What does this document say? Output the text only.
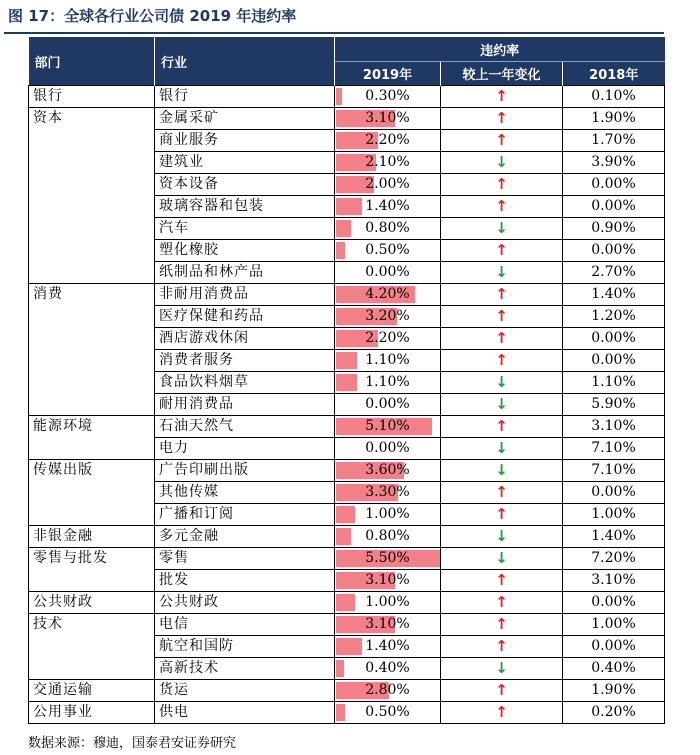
图 17：全球各行业公司债 2019 年违约率
部门	行业	违约率		
		2019年	较上一年变化	2018年
银行	银行	0.30%	↑	0.10%
资本	金属采矿	3.10%	↑	1.90%
	商业服务	2.20%	↑	1.70%
	建筑业	2.10%	↓	3.90%
	资本设备	2.00%	↑	0.00%
	玻璃容器和包装	1.40%	↑	0.00%
	汽车	0.80%	↓	0.90%
	塑化橡胶	0.50%	↑	0.00%
	纸制品和林产品	0.00%	↓	2.70%
消费	非耐用消费品	4.20%	↑	1.40%
	医疗保健和药品	3.20%	↑	1.20%
	酒店游戏休闲	2.20%	↑	0.00%
	消费者服务	1.10%	↑	0.00%
	食品饮料烟草	1.10%	↓	1.10%
	耐用消费品	0.00%	↓	5.90%
能源环境	石油天然气	5.10%	↑	3.10%
	电力	0.00%	↓	7.10%
传媒出版	广告印刷出版	3.60%	↓	7.10%
	其他传媒	3.30%	↑	0.00%
	广播和订阅	1.00%	↑	1.00%
非银金融	多元金融	0.80%	↓	1.40%
零售与批发	零售	5.50%	↓	7.20%
	批发	3.10%	↑	3.10%
公共财政	公共财政	1.00%	↑	0.00%
技术	电信	3.10%	↑	1.00%
	航空和国防	1.40%	↑	0.00%
	高新技术	0.40%	↓	0.40%
交通运输	货运	2.80%	↑	1.90%
公用事业	供电	0.50%	↑	0.20%
数据来源：穆迪，国泰君安证券研究
